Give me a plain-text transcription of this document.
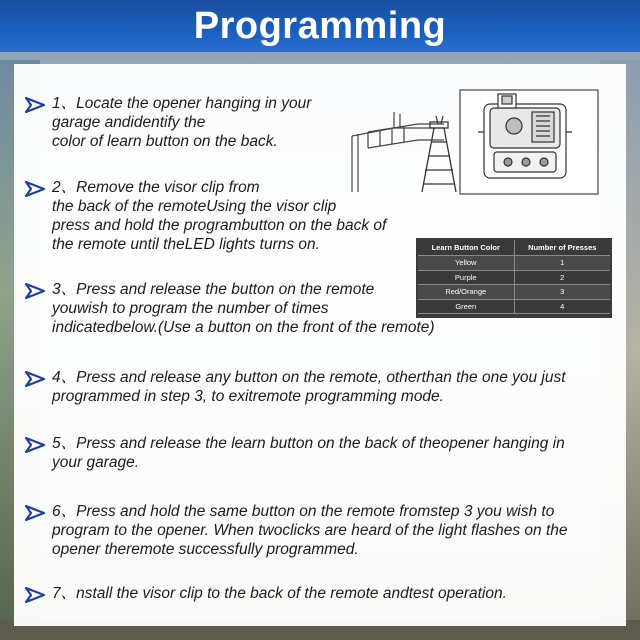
Programming
1、Locate the opener hanging in your
garage andidentify the
color of learn button on the back.
2、Remove the visor clip from
the back of the remoteUsing the visor clip
press and hold the programbutton on the back of
the remote until theLED lights turns on.
3、Press and release the button on the remote
youwish to program the number of times
indicatedbelow.(Use a button on the front of the remote)
4、Press and release any button on the remote, otherthan the one you just
programmed in step 3, to exitremote programming mode.
5、Press and release the learn button on the back of theopener hanging in
your garage.
6、Press and hold the same button on the remote fromstep 3 you wish to
program to the opener. When twoclicks are heard of the light flashes on the
opener theremote successfully programmed.
7、nstall the visor clip to the back of the remote andtest operation.
Learn Button Color	Number of Presses
Yellow	1
Purple	2
Red/Orange	3
Green	4
